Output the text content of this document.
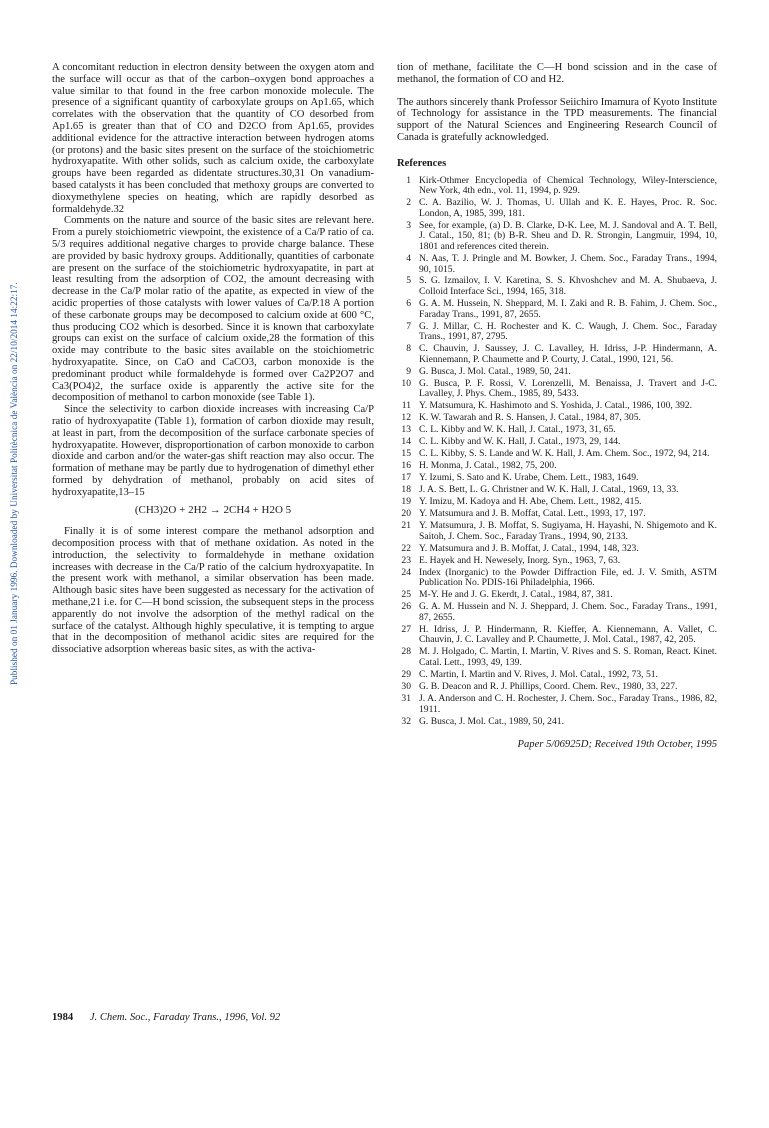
Published on 01 January 1996. Downloaded by Universitat Politècnica de València on 22/10/2014 14:22:17.

A concomitant reduction in electron density between the oxygen atom and the surface will occur as that of the carbon–oxygen bond approaches a value similar to that found in the free carbon monoxide molecule. The presence of a significant quantity of carboxylate groups on Ap1.65, which correlates with the observation that the quantity of CO desorbed from Ap1.65 is greater than that of CO and D2CO from Ap1.65, provides additional evidence for the attractive interaction between hydrogen atoms (or protons) and the basic sites present on the surface of the stoichiometric hydroxyapatite. With other solids, such as calcium oxide, the carboxylate groups have been regarded as didentate structures.30,31 On vanadium-based catalysts it has been concluded that methoxy groups are converted to dioxymethylene species on heating, which are rapidly desorbed as formaldehyde.32

Comments on the nature and source of the basic sites are relevant here. From a purely stoichiometric viewpoint, the existence of a Ca/P ratio of ca. 5/3 requires additional negative charges to provide charge balance. These are provided by basic hydroxy groups. Additionally, quantities of carbonate are present on the surface of the stoichiometric hydroxyapatite, in part at least resulting from the adsorption of CO2, the amount decreasing with decrease in the Ca/P molar ratio of the apatite, as expected in view of the acidic properties of those catalysts with lower values of Ca/P.18 A portion of these carbonate groups may be decomposed to calcium oxide at 600 °C, thus producing CO2 which is desorbed. Since it is known that carboxylate groups can exist on the surface of calcium oxide,28 the formation of this oxide may contribute to the basic sites available on the stoichiometric hydroxyapatite. Since, on CaO and CaCO3, carbon monoxide is the predominant product while formaldehyde is formed over Ca2P2O7 and Ca3(PO4)2, the surface oxide is apparently the active site for the decomposition of methanol to carbon monoxide (see Table 1).

Since the selectivity to carbon dioxide increases with increasing Ca/P ratio of hydroxyapatite (Table 1), formation of carbon dioxide may result, at least in part, from the decomposition of the surface carbonate species of hydroxyapatite. However, disproportionation of carbon monoxide to carbon dioxide and carbon and/or the water-gas shift reaction may also occur. The formation of methane may be partly due to hydrogenation of dimethyl ether formed by dehydration of methanol, probably on acid sites of hydroxyapatite,13–15

(CH3)2O + 2H2 → 2CH4 + H2O 5

Finally it is of some interest compare the methanol adsorption and decomposition process with that of methane oxidation. As noted in the introduction, the selectivity to formaldehyde in methane oxidation increases with decrease in the Ca/P ratio of the calcium hydroxyapatite. In the present work with methanol, a similar observation has been made. Although basic sites have been suggested as necessary for the activation of methane,21 i.e. for C—H bond scission, the subsequent steps in the process apparently do not involve the adsorption of the methyl radical on the surface of the catalyst. Although highly speculative, it is tempting to argue that in the decomposition of methanol acidic sites are required for the dissociative adsorption whereas basic sites, as with the activa-

tion of methane, facilitate the C—H bond scission and in the case of methanol, the formation of CO and H2.

The authors sincerely thank Professor Seiichiro Imamura of Kyoto Institute of Technology for assistance in the TPD measurements. The financial support of the Natural Sciences and Engineering Research Council of Canada is gratefully acknowledged.

References
1 Kirk-Othmer Encyclopedia of Chemical Technology, Wiley-Interscience, New York, 4th edn., vol. 11, 1994, p. 929.
2 C. A. Bazilio, W. J. Thomas, U. Ullah and K. E. Hayes, Proc. R. Soc. London, A, 1985, 399, 181.
3 See, for example, (a) D. B. Clarke, D-K. Lee, M. J. Sandoval and A. T. Bell, J. Catal., 150, 81; (b) B-R. Sheu and D. R. Strongin, Langmuir, 1994, 10, 1801 and references cited therein.
4 N. Aas, T. J. Pringle and M. Bowker, J. Chem. Soc., Faraday Trans., 1994, 90, 1015.
5 S. G. Izmailov, I. V. Karetina, S. S. Khvoshchev and M. A. Shubaeva, J. Colloid Interface Sci., 1994, 165, 318.
6 G. A. M. Hussein, N. Sheppard, M. I. Zaki and R. B. Fahim, J. Chem. Soc., Faraday Trans., 1991, 87, 2655.
7 G. J. Millar, C. H. Rochester and K. C. Waugh, J. Chem. Soc., Faraday Trans., 1991, 87, 2795.
8 C. Chauvin, J. Saussey, J. C. Lavalley, H. Idriss, J-P. Hindermann, A. Kiennemann, P. Chaumette and P. Courty, J. Catal., 1990, 121, 56.
9 G. Busca, J. Mol. Catal., 1989, 50, 241.
10 G. Busca, P. F. Rossi, V. Lorenzelli, M. Benaissa, J. Travert and J-C. Lavalley, J. Phys. Chem., 1985, 89, 5433.
11 Y. Matsumura, K. Hashimoto and S. Yoshida, J. Catal., 1986, 100, 392.
12 K. W. Tawarah and R. S. Hansen, J. Catal., 1984, 87, 305.
13 C. L. Kibby and W. K. Hall, J. Catal., 1973, 31, 65.
14 C. L. Kibby and W. K. Hall, J. Catal., 1973, 29, 144.
15 C. L. Kibby, S. S. Lande and W. K. Hall, J. Am. Chem. Soc., 1972, 94, 214.
16 H. Monma, J. Catal., 1982, 75, 200.
17 Y. Izumi, S. Sato and K. Urabe, Chem. Lett., 1983, 1649.
18 J. A. S. Bett, L. G. Christner and W. K. Hall, J. Catal., 1969, 13, 33.
19 Y. Imizu, M. Kadoya and H. Abe, Chem. Lett., 1982, 415.
20 Y. Matsumura and J. B. Moffat, Catal. Lett., 1993, 17, 197.
21 Y. Matsumura, J. B. Moffat, S. Sugiyama, H. Hayashi, N. Shigemoto and K. Saitoh, J. Chem. Soc., Faraday Trans., 1994, 90, 2133.
22 Y. Matsumura and J. B. Moffat, J. Catal., 1994, 148, 323.
23 E. Hayek and H. Newesely, Inorg. Syn., 1963, 7, 63.
24 Index (Inorganic) to the Powder Diffraction File, ed. J. V. Smith, ASTM Publication No. PDIS-16i Philadelphia, 1966.
25 M-Y. He and J. G. Ekerdt, J. Catal., 1984, 87, 381.
26 G. A. M. Hussein and N. J. Sheppard, J. Chem. Soc., Faraday Trans., 1991, 87, 2655.
27 H. Idriss, J. P. Hindermann, R. Kieffer, A. Kiennemann, A. Vallet, C. Chauvin, J. C. Lavalley and P. Chaumette, J. Mol. Catal., 1987, 42, 205.
28 M. J. Holgado, C. Martin, I. Martin, V. Rives and S. S. Roman, React. Kinet. Catal. Lett., 1993, 49, 139.
29 C. Martin, I. Martin and V. Rives, J. Mol. Catal., 1992, 73, 51.
30 G. B. Deacon and R. J. Phillips, Coord. Chem. Rev., 1980, 33, 227.
31 J. A. Anderson and C. H. Rochester, J. Chem. Soc., Faraday Trans., 1986, 82, 1911.
32 G. Busca, J. Mol. Cat., 1989, 50, 241.
Paper 5/06925D; Received 19th October, 1995
1984 J. Chem. Soc., Faraday Trans., 1996, Vol. 92
